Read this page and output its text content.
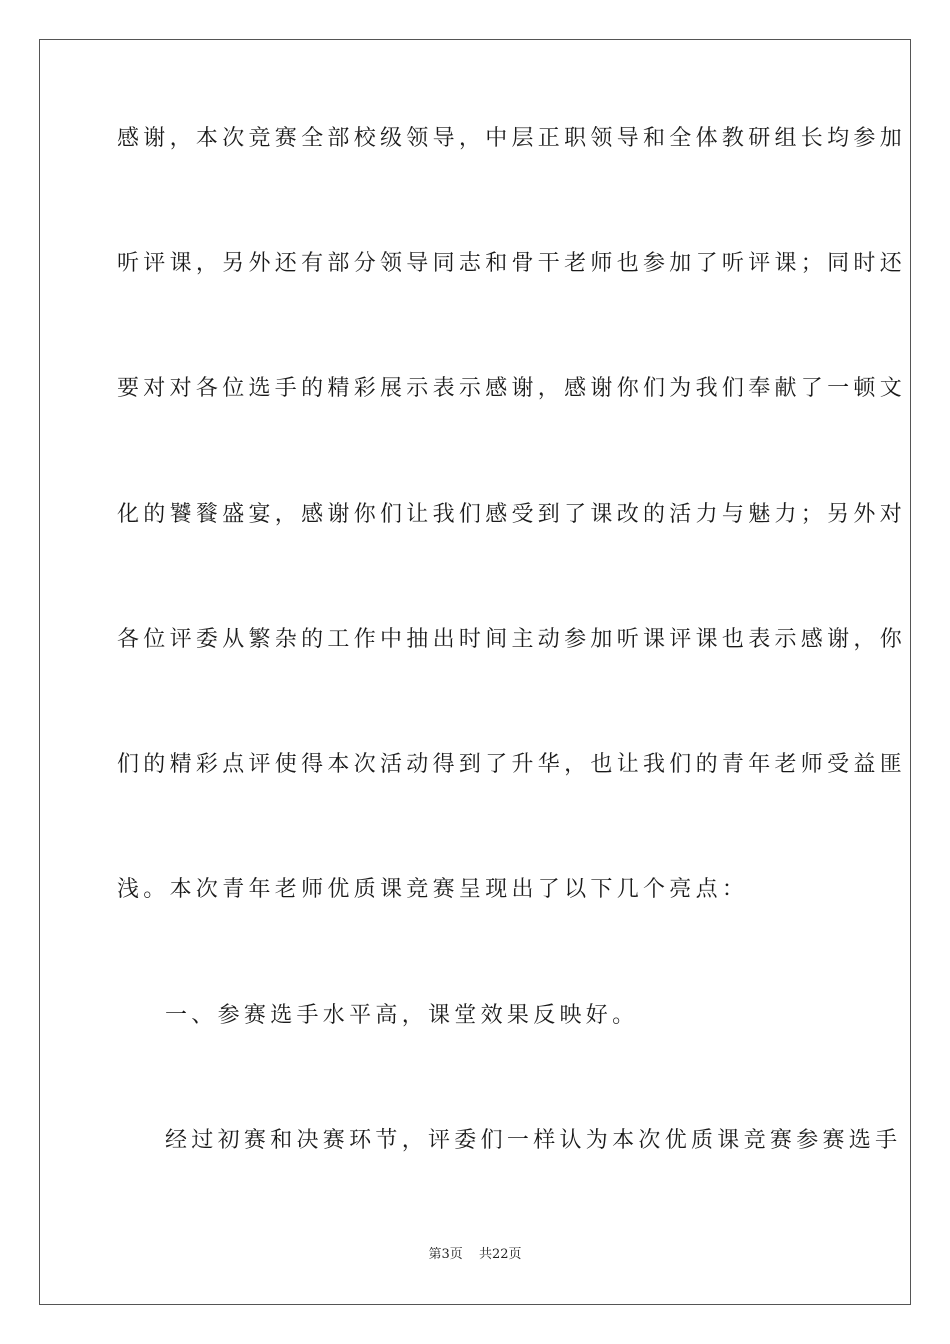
感谢，本次竞赛全部校级领导，中层正职领导和全体教研组长均参加
听评课，另外还有部分领导同志和骨干老师也参加了听评课；同时还
要对对各位选手的精彩展示表示感谢，感谢你们为我们奉献了一顿文
化的饕餮盛宴，感谢你们让我们感受到了课改的活力与魅力；另外对
各位评委从繁杂的工作中抽出时间主动参加听课评课也表示感谢，你
们的精彩点评使得本次活动得到了升华，也让我们的青年老师受益匪
浅。本次青年老师优质课竞赛呈现出了以下几个亮点：
一、参赛选手水平高，课堂效果反映好。
经过初赛和决赛环节，评委们一样认为本次优质课竞赛参赛选手
第3页 共22页
